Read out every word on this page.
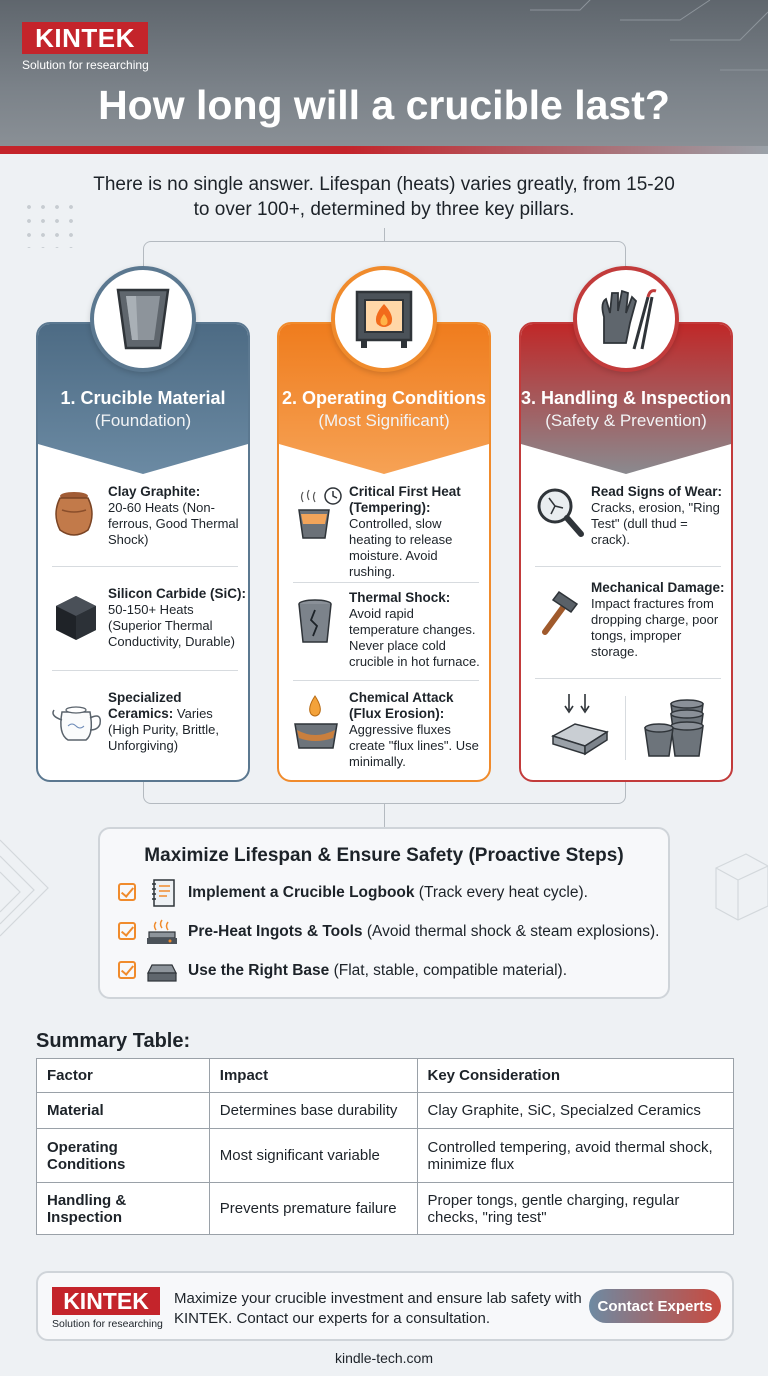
KINTEK
Solution for researching
How long will a crucible last?
There is no single answer. Lifespan (heats) varies greatly, from 15-20 to over 100+, determined by three key pillars.
1. Crucible Material
(Foundation)
Clay Graphite:
20-60 Heats (Non-ferrous, Good Thermal Shock)
Silicon Carbide (SiC):
50-150+ Heats (Superior Thermal Conductivity, Durable)
Specialized Ceramics: Varies (High Purity, Brittle, Unforgiving)
2. Operating Conditions
(Most Significant)
Critical First Heat (Tempering):
Controlled, slow heating to release moisture. Avoid rushing.
Thermal Shock:
Avoid rapid temperature changes. Never place cold crucible in hot furnace.
Chemical Attack (Flux Erosion):
Aggressive fluxes create "flux lines". Use minimally.
3. Handling & Inspection
(Safety & Prevention)
Read Signs of Wear:
Cracks, erosion, "Ring Test" (dull thud = crack).
Mechanical Damage:
Impact fractures from dropping charge, poor tongs, improper storage.
Maximize Lifespan & Ensure Safety (Proactive Steps)
Implement a Crucible Logbook (Track every heat cycle).
Pre-Heat Ingots & Tools (Avoid thermal shock & steam explosions).
Use the Right Base (Flat, stable, compatible material).
Summary Table:
Factor	Impact	Key Consideration
Material	Determines base durability	Clay Graphite, SiC, Specialzed Ceramics
Operating Conditions	Most significant variable	Controlled tempering, avoid thermal shock, minimize flux
Handling & Inspection	Prevents premature failure	Proper tongs, gentle charging, regular checks, "ring test"
KINTEK
Solution for researching
Maximize your crucible investment and ensure lab safety with KINTEK. Contact our experts for a consultation.
Contact Experts
kindle-tech.com
